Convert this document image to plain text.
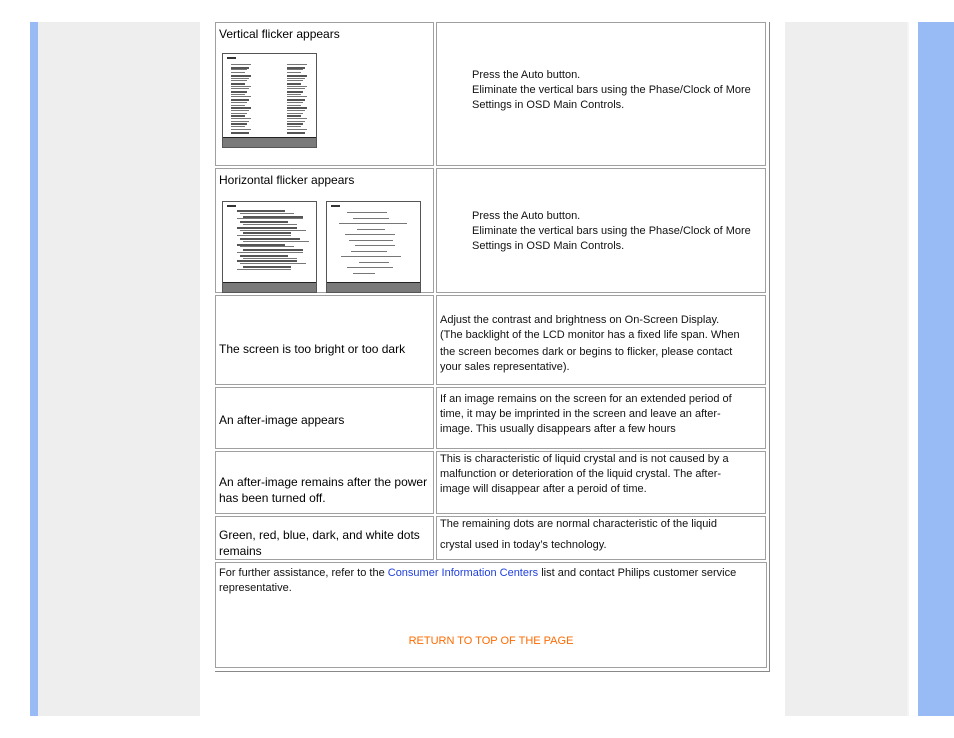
Vertical flicker appears
Press the Auto button.
Eliminate the vertical bars using the Phase/Clock of More
Settings in OSD Main Controls.
Horizontal flicker appears
Press the Auto button.
Eliminate the vertical bars using the Phase/Clock of More
Settings in OSD Main Controls.
The screen is too bright or too dark
Adjust the contrast and brightness on On-Screen Display.
(The backlight of the LCD monitor has a fixed life span. When
the screen becomes dark or begins to flicker, please contact
your sales representative).
An after-image appears
If an image remains on the screen for an extended period of
time, it may be imprinted in the screen and leave an after-
image. This usually disappears after a few hours
An after-image remains after the power
has been turned off.
This is characteristic of liquid crystal and is not caused by a
malfunction or deterioration of the liquid crystal. The after-
image will disappear after a peroid of time.
Green, red, blue, dark, and white dots
remains
The remaining dots are normal characteristic of the liquid
crystal used in today’s technology.
For further assistance, refer to the Consumer Information Centers list and contact Philips customer service
representative.
RETURN TO TOP OF THE PAGE
